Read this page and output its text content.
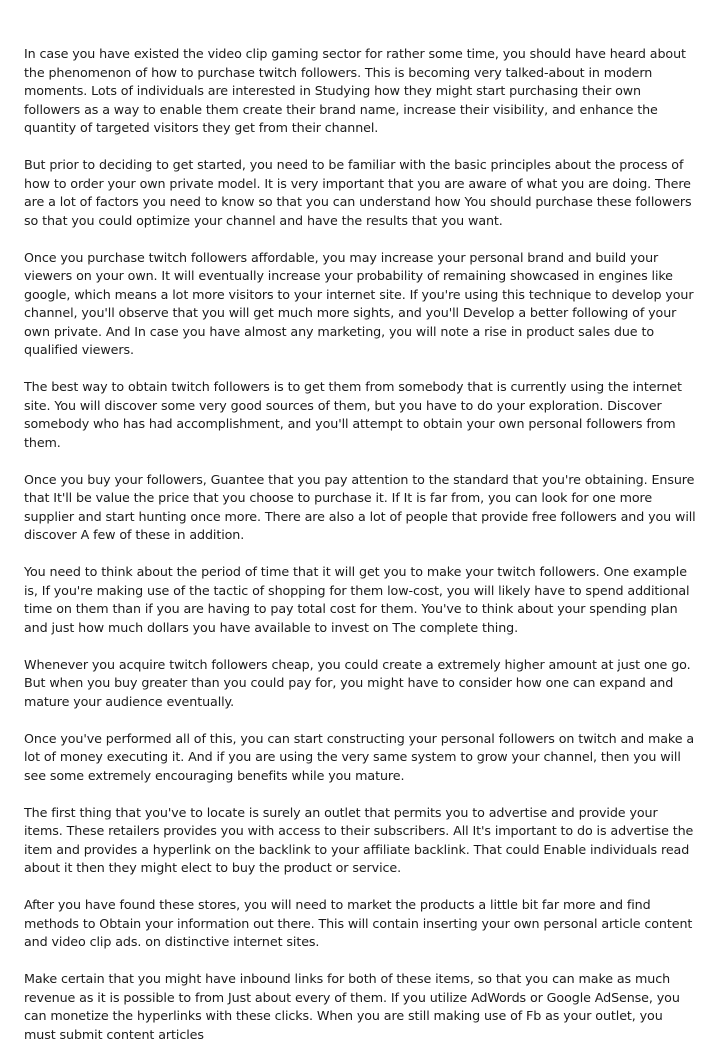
In case you have existed the video clip gaming sector for rather some time, you should have heard about the phenomenon of how to purchase twitch followers. This is becoming very talked-about in modern moments. Lots of individuals are interested in Studying how they might start purchasing their own followers as a way to enable them create their brand name, increase their visibility, and enhance the quantity of targeted visitors they get from their channel.

But prior to deciding to get started, you need to be familiar with the basic principles about the process of how to order your own private model. It is very important that you are aware of what you are doing. There are a lot of factors you need to know so that you can understand how You should purchase these followers so that you could optimize your channel and have the results that you want.

Once you purchase twitch followers affordable, you may increase your personal brand and build your viewers on your own. It will eventually increase your probability of remaining showcased in engines like google, which means a lot more visitors to your internet site. If you're using this technique to develop your channel, you'll observe that you will get much more sights, and you'll Develop a better following of your own private. And In case you have almost any marketing, you will note a rise in product sales due to qualified viewers.

The best way to obtain twitch followers is to get them from somebody that is currently using the internet site. You will discover some very good sources of them, but you have to do your exploration. Discover somebody who has had accomplishment, and you'll attempt to obtain your own personal followers from them.

Once you buy your followers, Guantee that you pay attention to the standard that you're obtaining. Ensure that It'll be value the price that you choose to purchase it. If It is far from, you can look for one more supplier and start hunting once more. There are also a lot of people that provide free followers and you will discover A few of these in addition.

You need to think about the period of time that it will get you to make your twitch followers. One example is, If you're making use of the tactic of shopping for them low-cost, you will likely have to spend additional time on them than if you are having to pay total cost for them. You've to think about your spending plan and just how much dollars you have available to invest on The complete thing.

Whenever you acquire twitch followers cheap, you could create a extremely higher amount at just one go. But when you buy greater than you could pay for, you might have to consider how one can expand and mature your audience eventually.

Once you've performed all of this, you can start constructing your personal followers on twitch and make a lot of money executing it. And if you are using the very same system to grow your channel, then you will see some extremely encouraging benefits while you mature.

The first thing that you've to locate is surely an outlet that permits you to advertise and provide your items. These retailers provides you with access to their subscribers. All It's important to do is advertise the item and provides a hyperlink on the backlink to your affiliate backlink. That could Enable individuals read about it then they might elect to buy the product or service.

After you have found these stores, you will need to market the products a little bit far more and find methods to Obtain your information out there. This will contain inserting your own personal article content and video clip ads. on distinctive internet sites.

Make certain that you might have inbound links for both of these items, so that you can make as much revenue as it is possible to from Just about every of them. If you utilize AdWords or Google AdSense, you can monetize the hyperlinks with these clicks. When you are still making use of Fb as your outlet, you must submit content articles
